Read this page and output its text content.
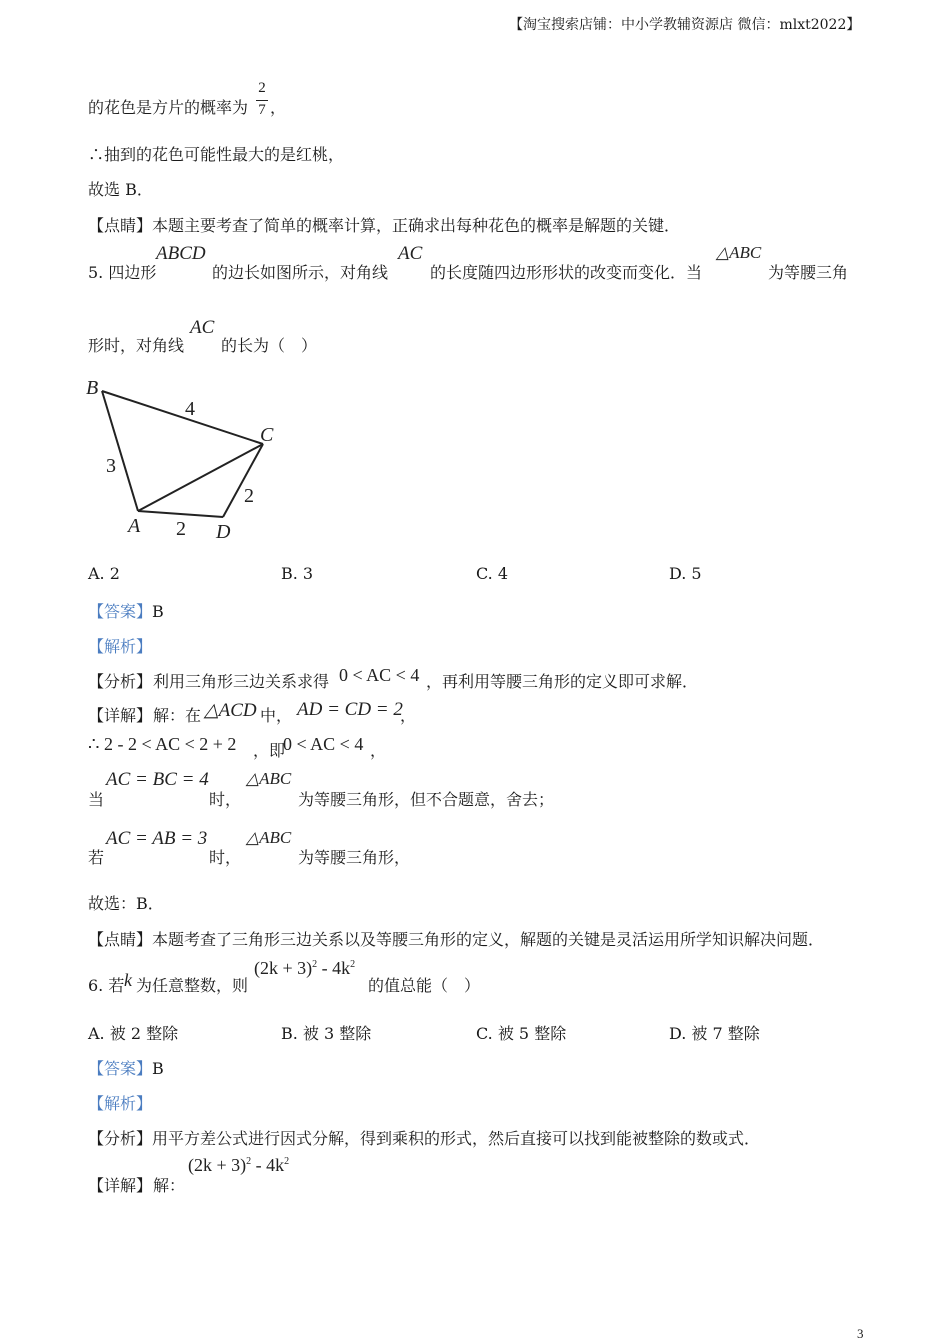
【淘宝搜索店铺：中小学教辅资源店 微信：mlxt2022】
的花色是方片的概率为
2
7 ，
∴抽到的花色可能性最大的是红桃，
故选 B．
【点睛】本题主要考查了简单的概率计算，正确求出每种花色的概率是解题的关键．
5. 四边形
ABCD
的边长如图所示，对角线
AC
的长度随四边形形状的改变而变化．当
△ABC
为等腰三角
形时，对角线
AC
的长为（　）
B
C
A	D
4
3
2
2
A. 2	B. 3	C. 4	D. 5
【答案】B
【解析】
【分析】 利用三角形三边关系求得 0 < AC < 4 ，再利用等腰三角形的定义即可求解．
【详解】 解：在 △ACD 中， AD = CD = 2
，
∴ 2 - 2 < AC < 2 + 2 ，即
0 < AC < 4 ，
当
AC = BC = 4
时，
△ABC
为等腰三角形，但不合题意，舍去；
若
AC = AB = 3
时，
△ABC
为等腰三角形，
故选：B．
【点睛】本题考查了三角形三边关系以及等腰三角形的定义，解题的关键是灵活运用所学知识解决问题．
6. 若 k 为任意整数，则
$(2k + 3)^2 - 4k^2$
的值总能（　）
A. 被 2 整除	B. 被 3 整除	C. 被 5 整除	D. 被 7 整除
【答案】B
【解析】
【分析】用平方差公式进行因式分解，得到乘积的形式，然后直接可以找到能被整除的数或式．
【详解】 解：
$(2k + 3)^2 - 4k^2$
3
